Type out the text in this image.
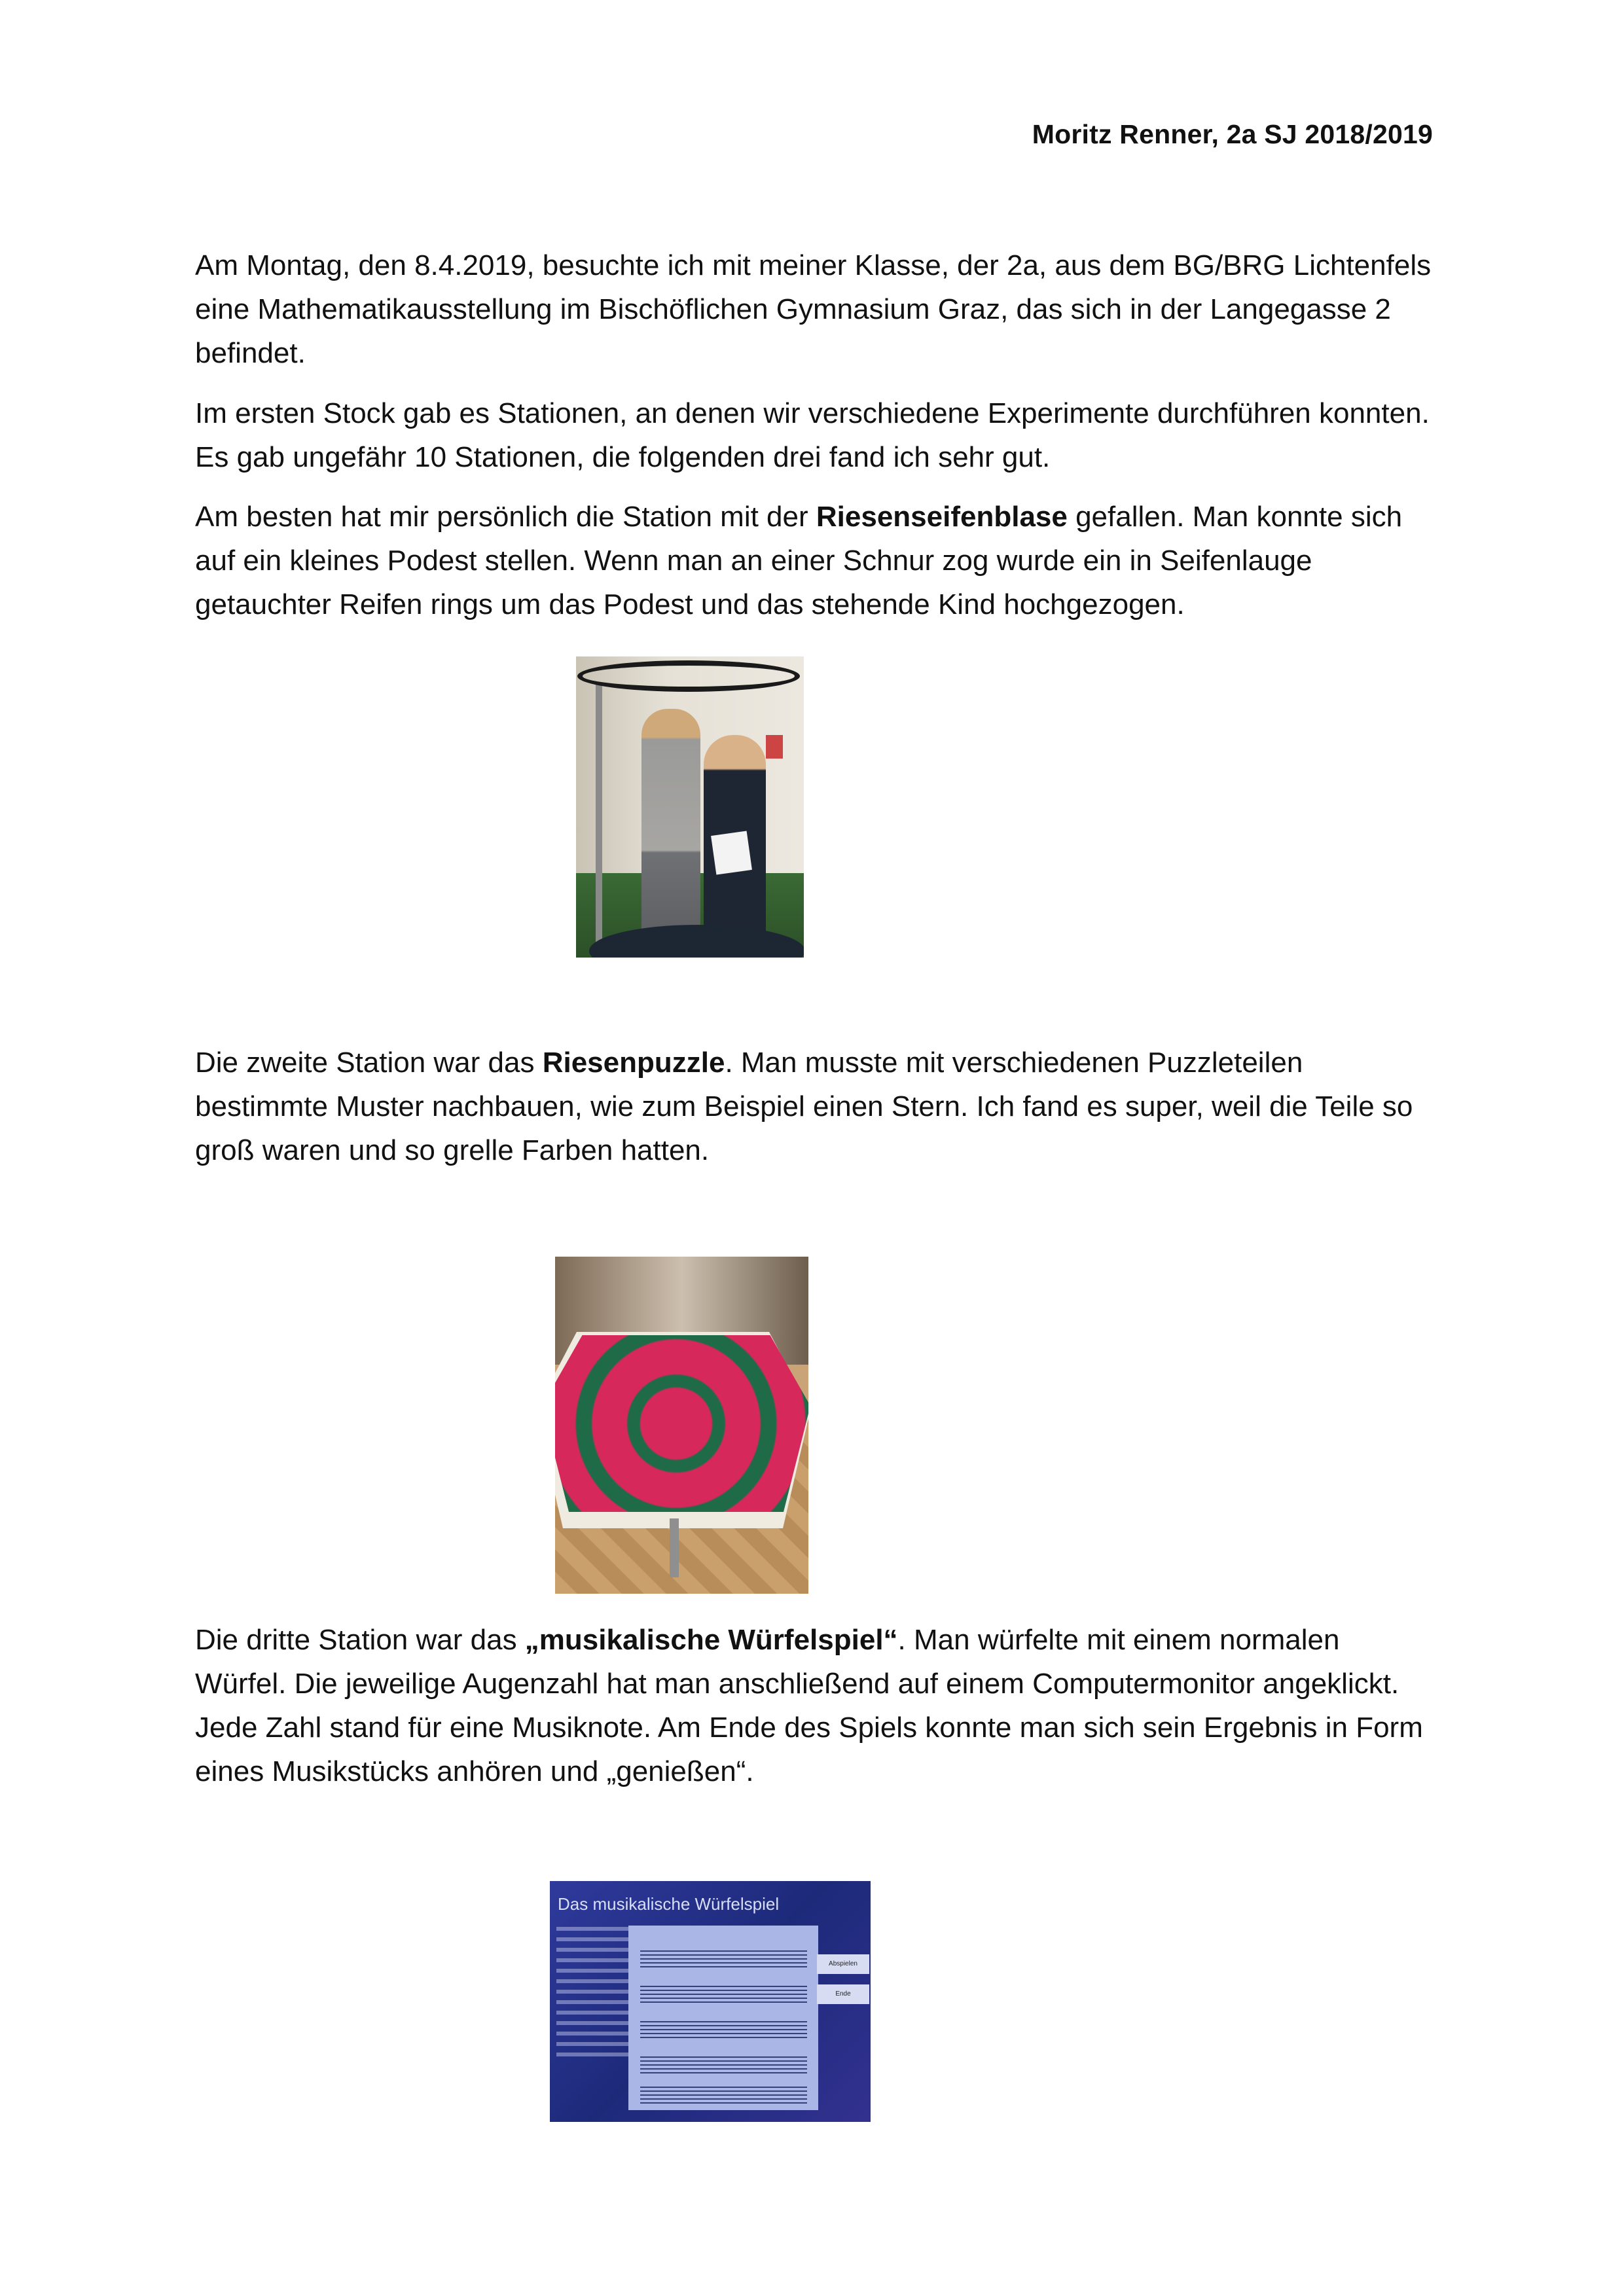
Moritz Renner, 2a SJ 2018/2019

Am Montag, den 8.4.2019, besuchte ich mit meiner Klasse, der 2a, aus dem BG/BRG Lichtenfels eine Mathematikausstellung im Bischöflichen Gymnasium Graz, das sich in der Langegasse 2 befindet.

Im ersten Stock gab es Stationen, an denen wir verschiedene Experimente durchführen konnten. Es gab ungefähr 10 Stationen, die folgenden drei fand ich sehr gut.

Am besten hat mir persönlich die Station mit der Riesenseifenblase gefallen. Man konnte sich auf ein kleines Podest stellen. Wenn man an einer Schnur zog wurde ein in Seifenlauge getauchter Reifen rings um das Podest und das stehende Kind hochgezogen.

Die zweite Station war das Riesenpuzzle. Man musste mit verschiedenen Puzzleteilen bestimmte Muster nachbauen, wie zum Beispiel einen Stern. Ich fand es super, weil die Teile so groß waren und so grelle Farben hatten.

Die dritte Station war das „musikalische Würfelspiel“. Man würfelte mit einem normalen Würfel. Die jeweilige Augenzahl hat man anschließend auf einem Computermonitor angeklickt. Jede Zahl stand für eine Musiknote. Am Ende des Spiels konnte man sich sein Ergebnis in Form eines Musikstücks anhören und „genießen“.

Das musikalische Würfelspiel
Abspielen
Ende
